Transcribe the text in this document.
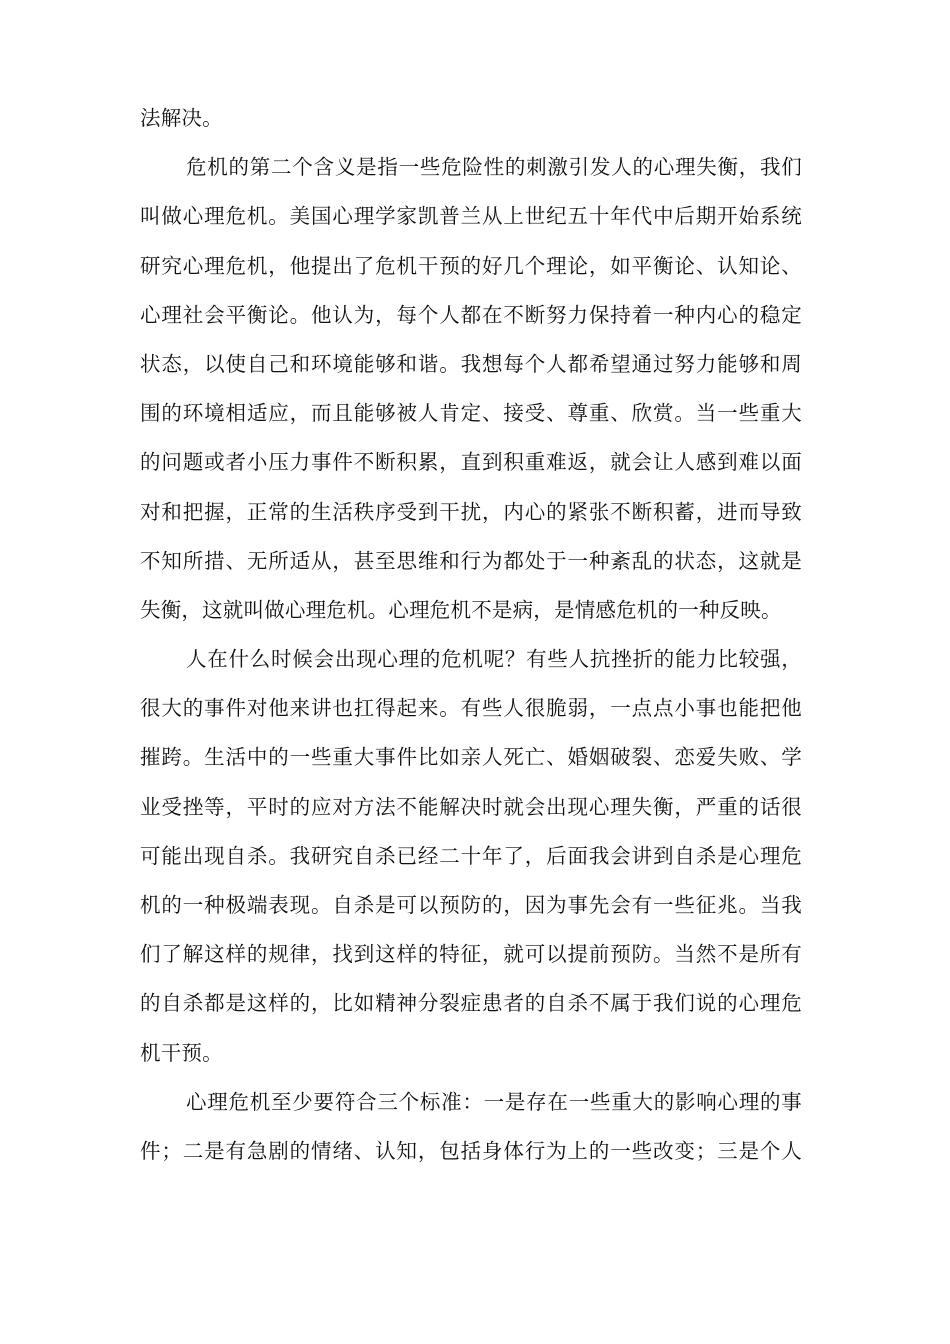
法解决。
危机的第二个含义是指一些危险性的刺激引发人的心理失衡，我们
叫做心理危机。美国心理学家凯普兰从上世纪五十年代中后期开始系统
研究心理危机，他提出了危机干预的好几个理论，如平衡论、认知论、
心理社会平衡论。他认为，每个人都在不断努力保持着一种内心的稳定
状态，以使自己和环境能够和谐。我想每个人都希望通过努力能够和周
围的环境相适应，而且能够被人肯定、接受、尊重、欣赏。当一些重大
的问题或者小压力事件不断积累，直到积重难返，就会让人感到难以面
对和把握，正常的生活秩序受到干扰，内心的紧张不断积蓄，进而导致
不知所措、无所适从，甚至思维和行为都处于一种紊乱的状态，这就是
失衡，这就叫做心理危机。心理危机不是病，是情感危机的一种反映。
人在什么时候会出现心理的危机呢？有些人抗挫折的能力比较强，
很大的事件对他来讲也扛得起来。有些人很脆弱，一点点小事也能把他
摧跨。生活中的一些重大事件比如亲人死亡、婚姻破裂、恋爱失败、学
业受挫等，平时的应对方法不能解决时就会出现心理失衡，严重的话很
可能出现自杀。我研究自杀已经二十年了，后面我会讲到自杀是心理危
机的一种极端表现。自杀是可以预防的，因为事先会有一些征兆。当我
们了解这样的规律，找到这样的特征，就可以提前预防。当然不是所有
的自杀都是这样的，比如精神分裂症患者的自杀不属于我们说的心理危
机干预。
心理危机至少要符合三个标准：一是存在一些重大的影响心理的事
件；二是有急剧的情绪、认知，包括身体行为上的一些改变；三是个人
